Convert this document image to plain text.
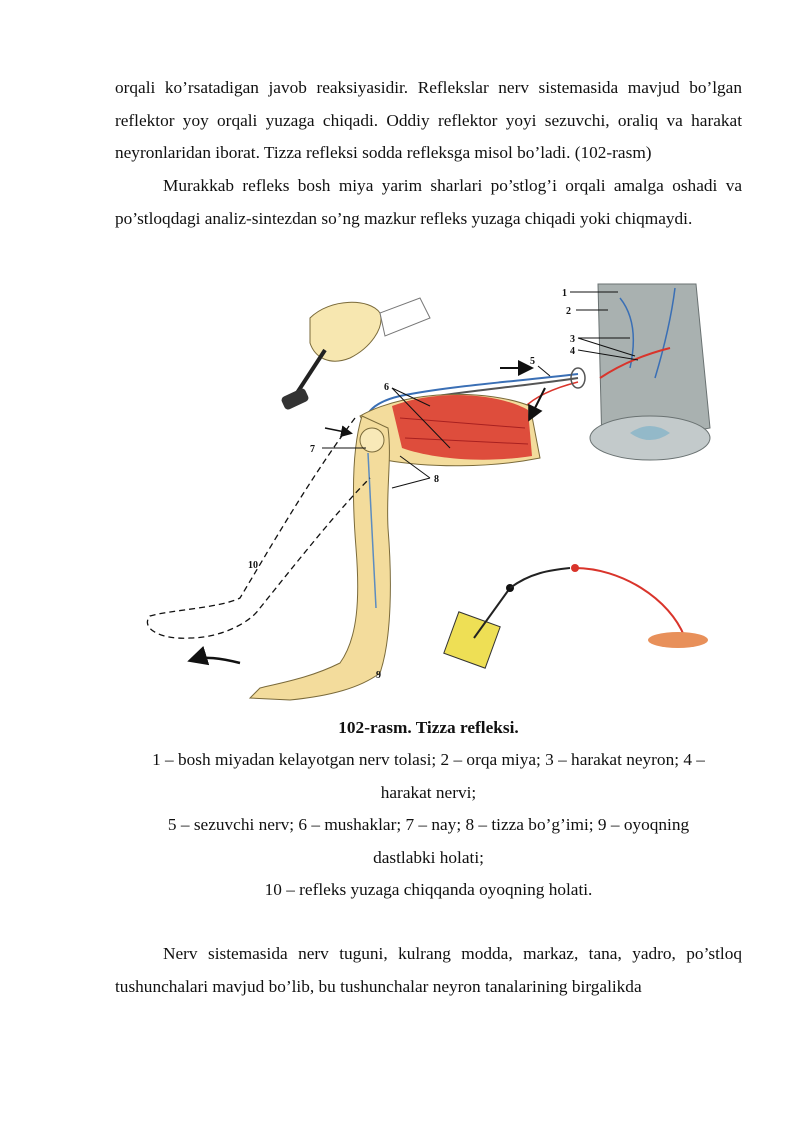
orqali ko’rsatadigan javob reaksiyasidir. Reflekslar nerv sistemasida mavjud bo’lgan reflektor yoy orqali yuzaga chiqadi. Oddiy reflektor yoyi sezuvchi, oraliq va harakat neyronlaridan iborat. Tizza refleksi sodda refleksga misol bo’ladi. (102-rasm)

Murakkab refleks bosh miya yarim sharlari po’stlog’i orqali amalga oshadi va po’stloqdagi analiz-sintezdan so’ng mazkur refleks yuzaga chiqadi yoki chiqmaydi.

1
2
3
4
5
6
7
8
9
10

102-rasm. Tizza refleksi.

1 – bosh miyadan kelayotgan nerv tolasi; 2 – orqa miya; 3 – harakat neyron; 4 –
harakat nervi;
5 – sezuvchi nerv; 6 – mushaklar; 7 – nay; 8 – tizza bo’g’imi; 9 – oyoqning
dastlabki holati;
10 – refleks yuzaga chiqqanda oyoqning holati.

Nerv sistemasida nerv tuguni, kulrang modda, markaz, tana, yadro, po’stloq tushunchalari mavjud bo’lib, bu tushunchalar neyron tanalarining birgalikda
